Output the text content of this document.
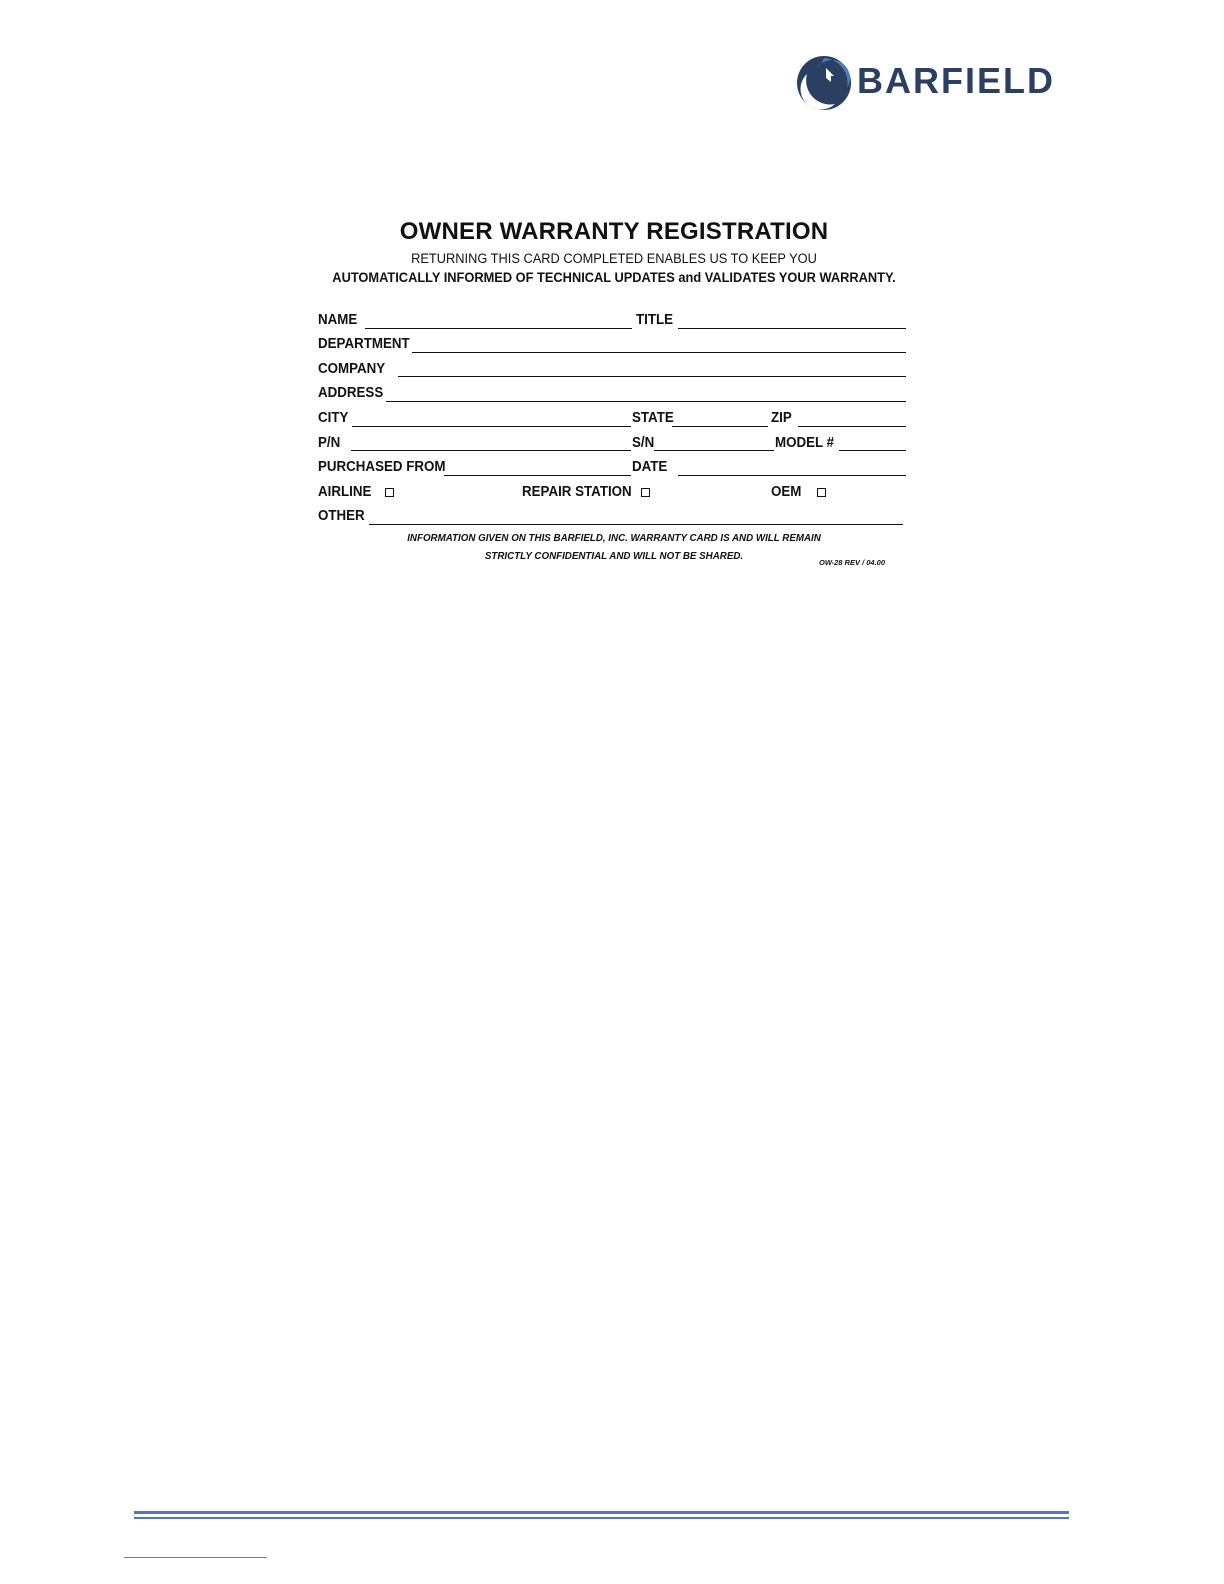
BARFIELD
OWNER WARRANTY REGISTRATION
RETURNING THIS CARD COMPLETED ENABLES US TO KEEP YOU
AUTOMATICALLY INFORMED OF TECHNICAL UPDATES and VALIDATES YOUR WARRANTY.
NAME	TITLE
DEPARTMENT
COMPANY
ADDRESS
CITY	STATE	ZIP
P/N	S/N	MODEL #
PURCHASED FROM	DATE
AIRLINE	REPAIR STATION	OEM
OTHER
INFORMATION GIVEN ON THIS BARFIELD, INC. WARRANTY CARD IS AND WILL REMAIN
STRICTLY CONFIDENTIAL AND WILL NOT BE SHARED.
OW-28 REV / 04.00
